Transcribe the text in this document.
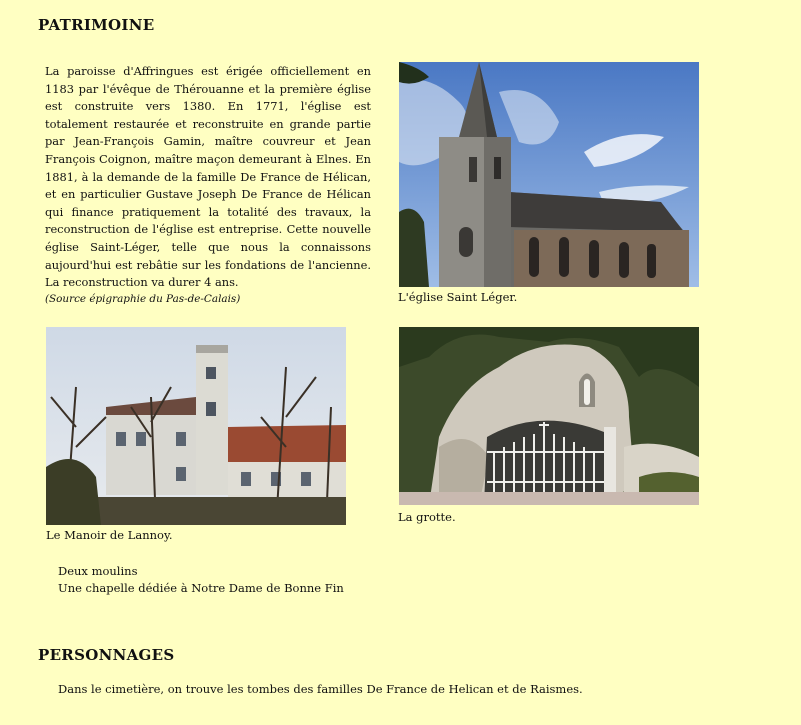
PATRIMOINE

La paroisse d'Affringues est érigée officiellement en 1183 par l'évêque de Thérouanne et la première église est construite vers 1380. En 1771, l'église est totalement restaurée et reconstruite en grande partie par Jean-François Gamin, maître couvreur et Jean François Coignon, maître maçon demeurant à Elnes. En 1881, à la demande de la famille De France de Hélican, et en particulier Gustave Joseph De France de Hélican qui finance pratiquement la totalité des travaux, la reconstruction de l'église est entreprise. Cette nouvelle église Saint-Léger, telle que nous la connaissons aujourd'hui est rebâtie sur les fondations de l'ancienne. La reconstruction va durer 4 ans.

(Source épigraphie du Pas-de-Calais)	L'église Saint Léger.
Le Manoir de Lannoy.
La grotte.
Deux moulins
Une chapelle dédiée à Notre Dame de Bonne Fin
PERSONNAGES
Dans le cimetière, on trouve les tombes des familles De France de Helican et de Raismes.
